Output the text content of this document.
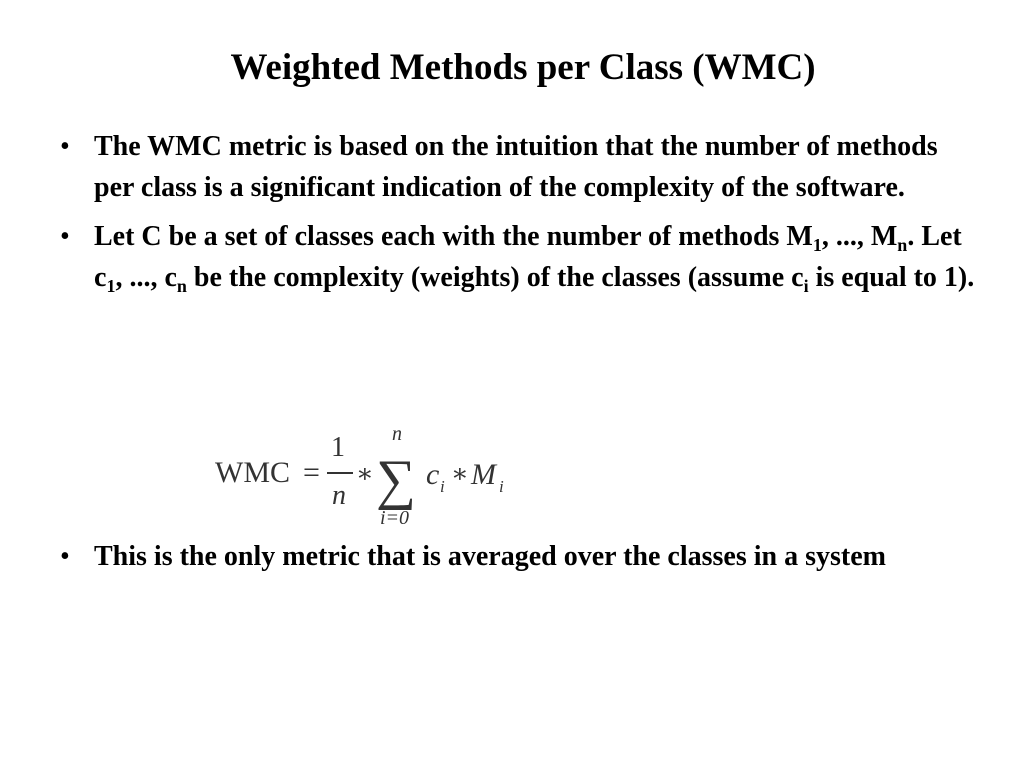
Weighted Methods per Class (WMC)
• The WMC metric is based on the intuition that the number of methods per class is a significant indication of the complexity of the software.
• Let C be a set of classes each with the number of methods $M_1$, ..., $M_n$. Let $c_1$, ..., $c_n$ be the complexity (weights) of the classes (assume $c_i$ is equal to 1).
WMC =
1
n
∗
n
∑
i=0
c i ∗ M i
• This is the only metric that is averaged over the classes in a system
